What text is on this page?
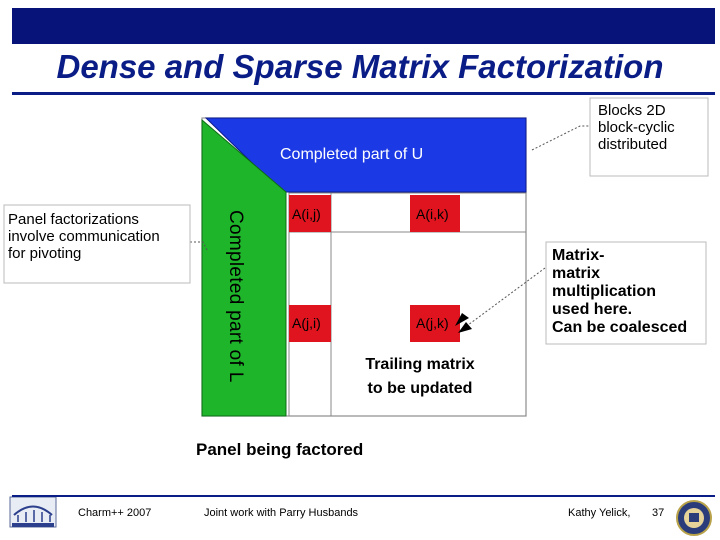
Dense and Sparse Matrix Factorization
Completed part of U
Completed part of L	A(i,j)	A(i,k)
A(j,i)	A(j,k)
Trailing matrix
to be updated
Panel being factored
Blocks 2D
block-cyclic
distributed
Panel factorizations
involve communication
for pivoting	Matrix-
matrix
multiplication
used here.
Can be coalesced
Charm++ 2007	Joint work with Parry Husbands	Kathy Yelick, 37
